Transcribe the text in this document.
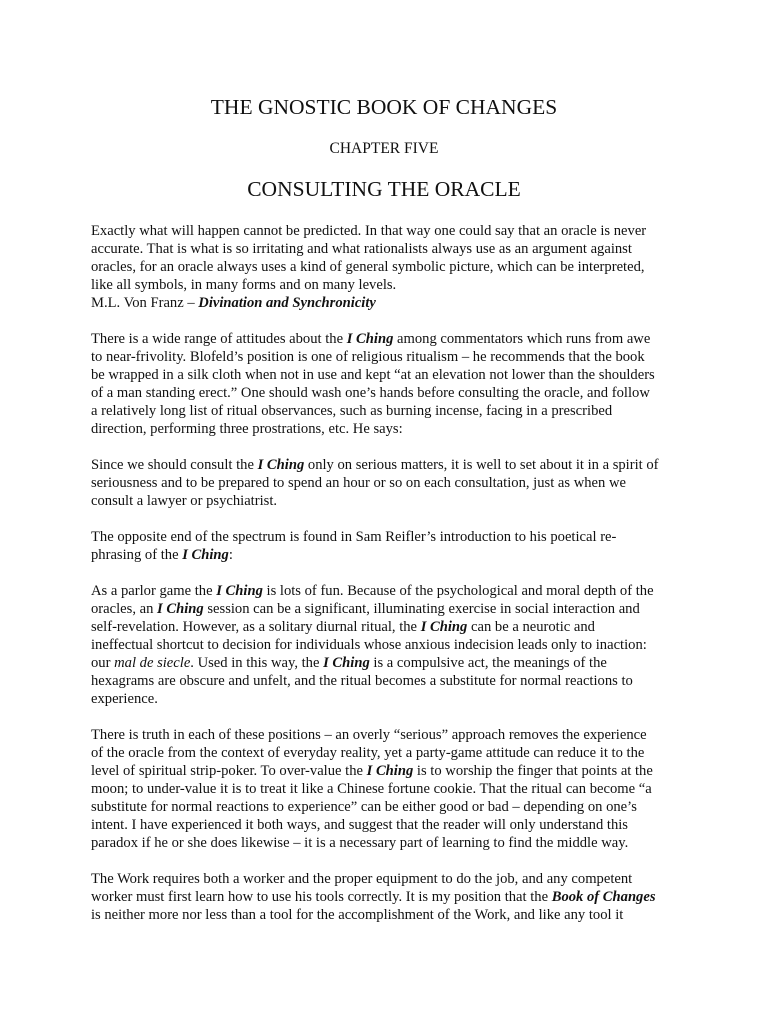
THE GNOSTIC BOOK OF CHANGES
CHAPTER FIVE
CONSULTING THE ORACLE
Exactly what will happen cannot be predicted. In that way one could say that an oracle is never
accurate. That is what is so irritating and what rationalists always use as an argument against
oracles, for an oracle always uses a kind of general symbolic picture, which can be interpreted,
like all symbols, in many forms and on many levels.
M.L. Von Franz – Divination and Synchronicity
There is a wide range of attitudes about the I Ching among commentators which runs from awe
to near-frivolity. Blofeld’s position is one of religious ritualism – he recommends that the book
be wrapped in a silk cloth when not in use and kept “at an elevation not lower than the shoulders
of a man standing erect.” One should wash one’s hands before consulting the oracle, and follow
a relatively long list of ritual observances, such as burning incense, facing in a prescribed
direction, performing three prostrations, etc. He says:
Since we should consult the I Ching only on serious matters, it is well to set about it in a spirit of
seriousness and to be prepared to spend an hour or so on each consultation, just as when we
consult a lawyer or psychiatrist.
The opposite end of the spectrum is found in Sam Reifler’s introduction to his poetical re-
phrasing of the I Ching:
As a parlor game the I Ching is lots of fun. Because of the psychological and moral depth of the
oracles, an I Ching session can be a significant, illuminating exercise in social interaction and
self-revelation. However, as a solitary diurnal ritual, the I Ching can be a neurotic and
ineffectual shortcut to decision for individuals whose anxious indecision leads only to inaction:
our mal de siecle. Used in this way, the I Ching is a compulsive act, the meanings of the
hexagrams are obscure and unfelt, and the ritual becomes a substitute for normal reactions to
experience.
There is truth in each of these positions – an overly “serious” approach removes the experience
of the oracle from the context of everyday reality, yet a party-game attitude can reduce it to the
level of spiritual strip-poker. To over-value the I Ching is to worship the finger that points at the
moon; to under-value it is to treat it like a Chinese fortune cookie. That the ritual can become “a
substitute for normal reactions to experience” can be either good or bad – depending on one’s
intent. I have experienced it both ways, and suggest that the reader will only understand this
paradox if he or she does likewise – it is a necessary part of learning to find the middle way.
The Work requires both a worker and the proper equipment to do the job, and any competent
worker must first learn how to use his tools correctly. It is my position that the Book of Changes
is neither more nor less than a tool for the accomplishment of the Work, and like any tool it
